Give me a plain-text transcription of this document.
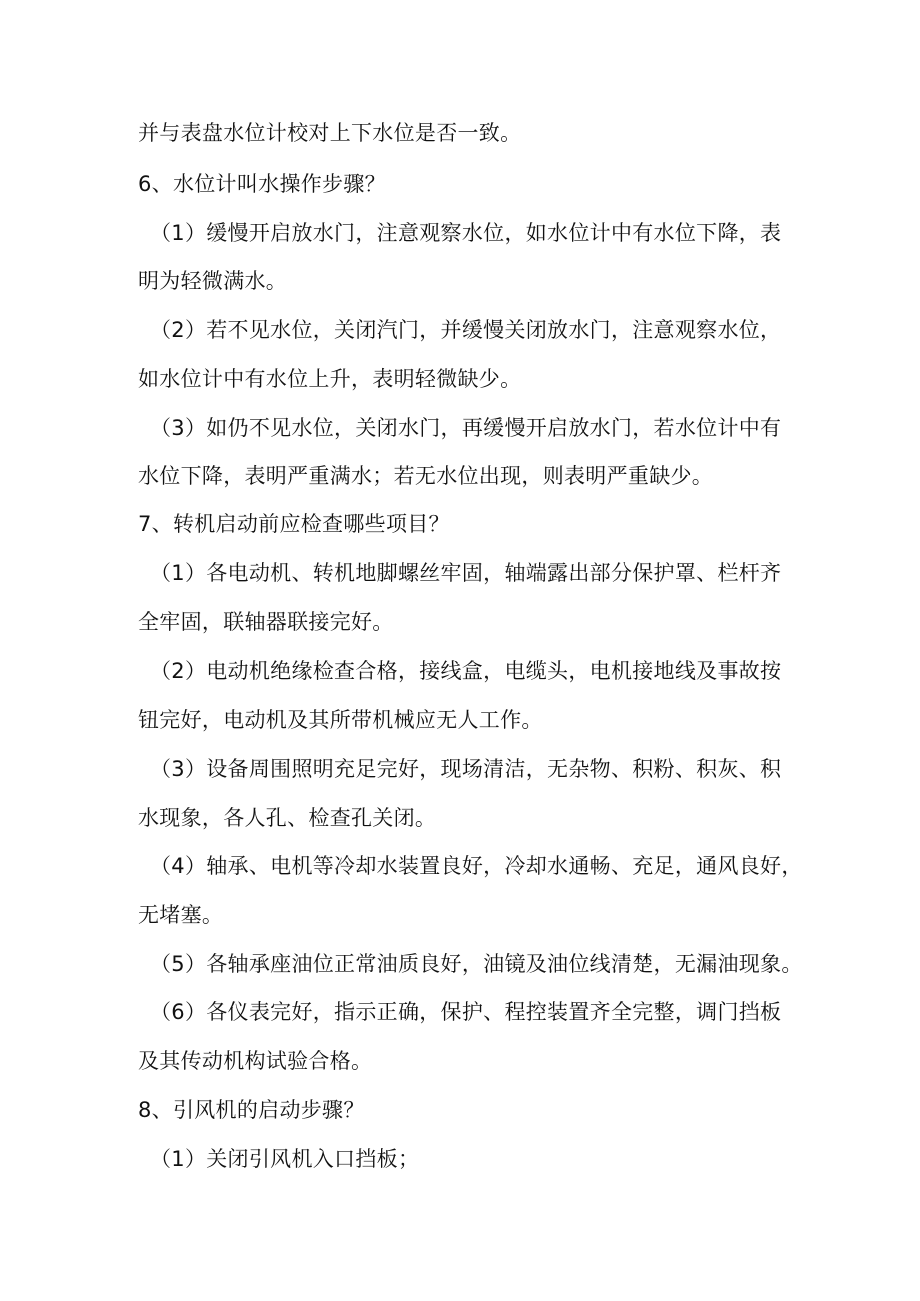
并与表盘水位计校对上下水位是否一致。
6、水位计叫水操作步骤？
（1）缓慢开启放水门，注意观察水位，如水位计中有水位下降，表
明为轻微满水。
（2）若不见水位，关闭汽门，并缓慢关闭放水门，注意观察水位，
如水位计中有水位上升，表明轻微缺少。
（3）如仍不见水位，关闭水门，再缓慢开启放水门，若水位计中有
水位下降，表明严重满水；若无水位出现，则表明严重缺少。
7、转机启动前应检查哪些项目？
（1）各电动机、转机地脚螺丝牢固，轴端露出部分保护罩、栏杆齐
全牢固，联轴器联接完好。
（2）电动机绝缘检查合格，接线盒，电缆头，电机接地线及事故按
钮完好，电动机及其所带机械应无人工作。
（3）设备周围照明充足完好，现场清洁，无杂物、积粉、积灰、积
水现象，各人孔、检查孔关闭。
（4）轴承、电机等冷却水装置良好，冷却水通畅、充足，通风良好，
无堵塞。
（5）各轴承座油位正常油质良好，油镜及油位线清楚，无漏油现象。
（6）各仪表完好，指示正确，保护、程控装置齐全完整，调门挡板
及其传动机构试验合格。
8、引风机的启动步骤？
（1）关闭引风机入口挡板；
